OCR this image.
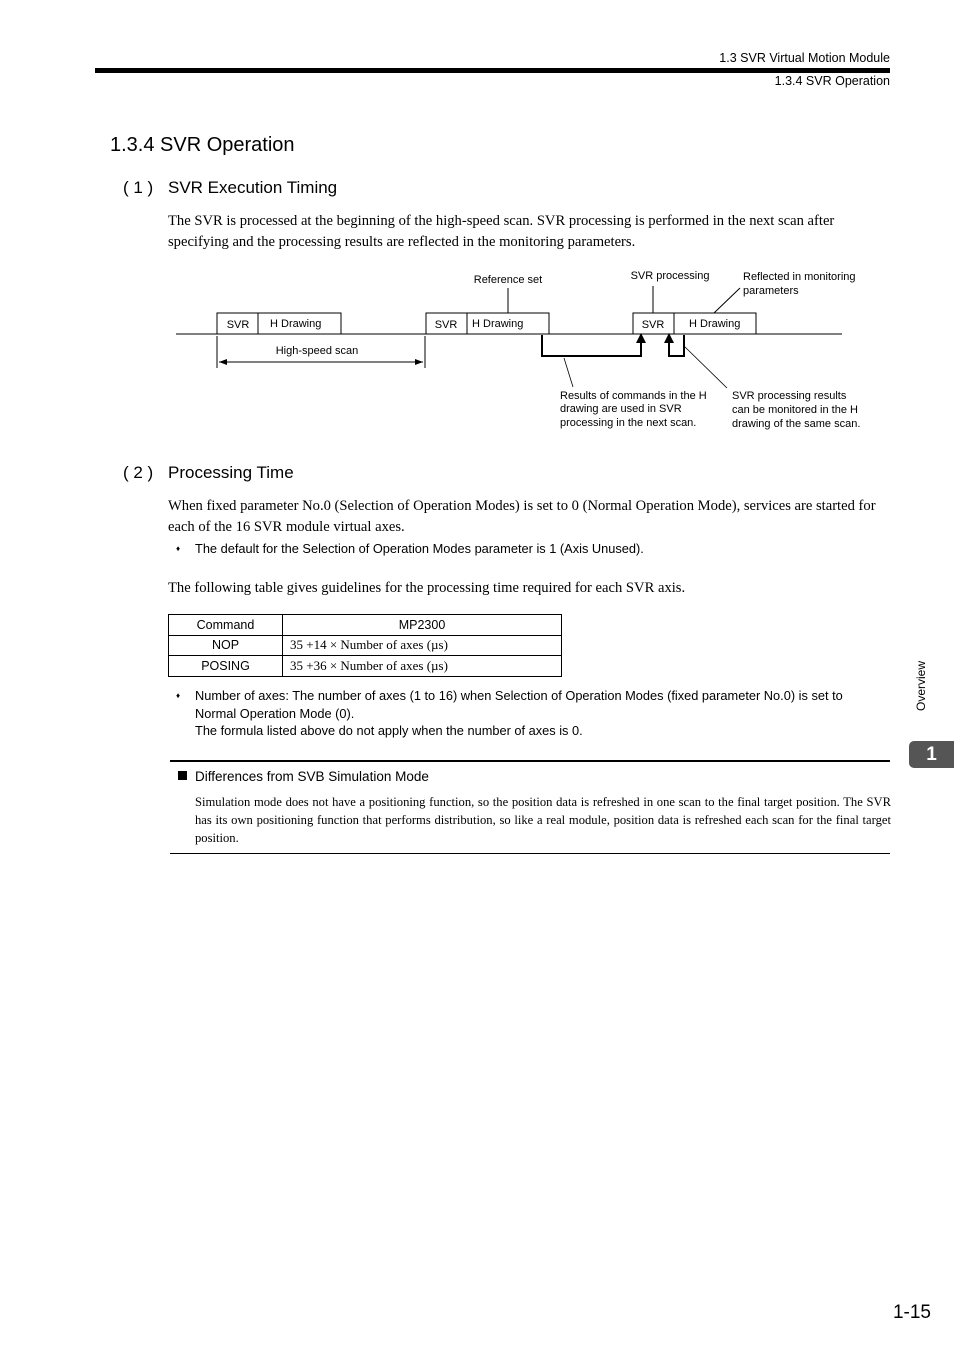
1.3 SVR Virtual Motion Module
1.3.4 SVR Operation
1.3.4 SVR Operation
( 1 ) SVR Execution Timing
The SVR is processed at the beginning of the high-speed scan. SVR processing is performed in the next scan after specifying and the processing results are reflected in the monitoring parameters.
SVR H Drawing	SVR H Drawing	SVR H Drawing
High-speed scan
Reference set	SVR processing	Reflected in monitoring
parameters
Results of commands in the H
drawing are used in SVR
processing in the next scan.
SVR processing results
can be monitored in the H
drawing of the same scan.
( 2 ) Processing Time
When fixed parameter No.0 (Selection of Operation Modes) is set to 0 (Normal Operation Mode), services are started for each of the 16 SVR module virtual axes.
♦ The default for the Selection of Operation Modes parameter is 1 (Axis Unused).
The following table gives guidelines for the processing time required for each SVR axis.
Command	MP2300
NOP	35 +14 × Number of axes (µs)
POSING	35 +36 × Number of axes (µs)
♦ Number of axes: The number of axes (1 to 16) when Selection of Operation Modes (fixed parameter No.0) is set to
Normal Operation Mode (0).
The formula listed above do not apply when the number of axes is 0.
Differences from SVB Simulation Mode
Simulation mode does not have a positioning function, so the position data is refreshed in one scan to the final target position. The SVR has its own positioning function that performs distribution, so like a real module, position data is refreshed each scan for the final target position.
Overview
1
1-15
